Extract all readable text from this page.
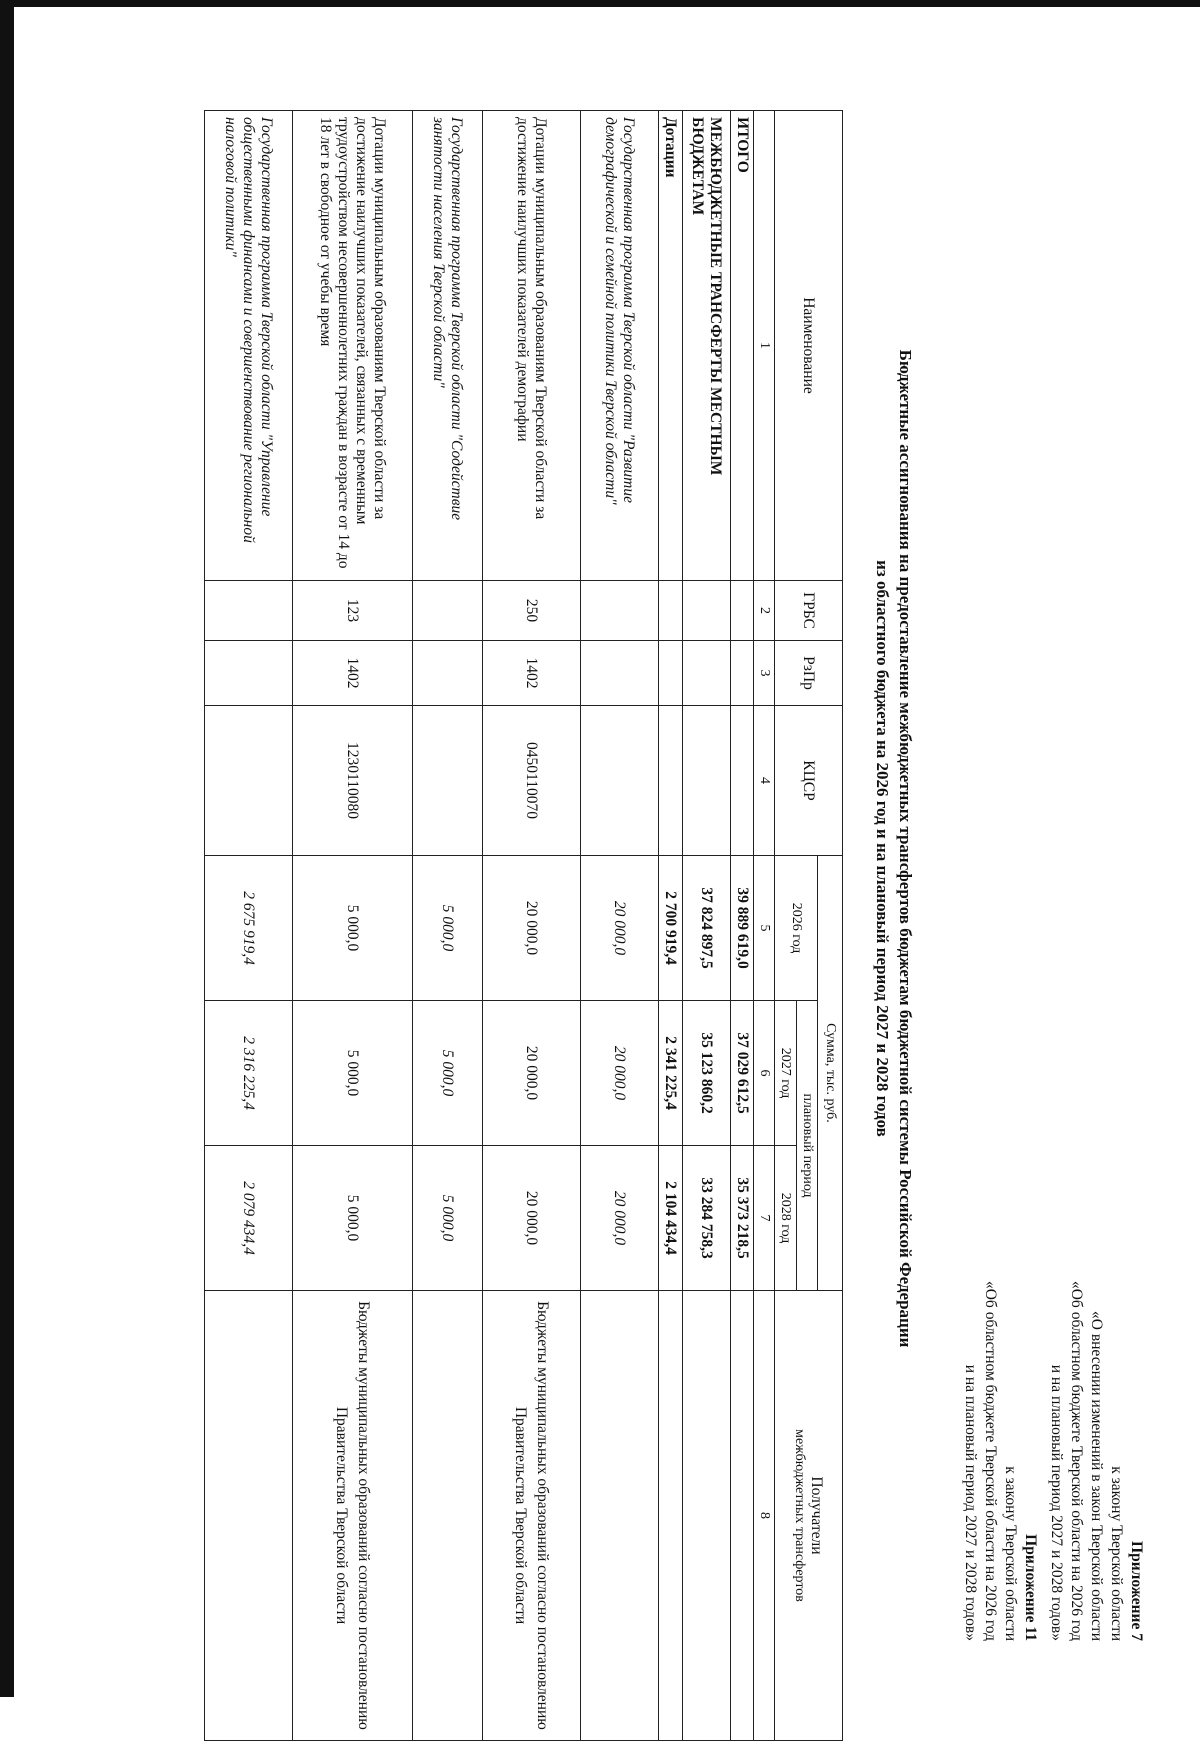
Приложение 7
к закону Тверской области
«О внесении изменений в закон Тверской области
«Об областном бюджете Тверской области на 2026 год
и на плановый период 2027 и 2028 годов»
Приложение 11
к закону Тверской области
«Об областном бюджете Тверской области на 2026 год
и на плановый период 2027 и 2028 годов»
Бюджетные ассигнования на предоставление межбюджетных трансфертов бюджетам бюджетной системы Российской Федерации
из областного бюджета на 2026 год и на плановый период 2027 и 2028 годов
Наименование	ГРБС	РзПр	КЦСР	Сумма, тыс. руб.			Получатели
межбюджетных трансфертов

				2026 год	плановый период		
					2027 год	2028 год	
1	2	3	4	5	6	7	8
ИТОГО				39 889 619,0	37 029 612,5	35 373 218,5	
МЕЖБЮДЖЕТНЫЕ ТРАНСФЕРТЫ МЕСТНЫМ БЮДЖЕТАМ				37 824 897,5	35 123 860,2	33 284 758,3	
Дотации				2 700 919,4	2 341 225,4	2 104 434,4	
Государственная программа Тверской области "Развитие демографической и семейной политики Тверской области"				20 000,0	20 000,0	20 000,0	
Дотации муниципальным образованиям Тверской области за достижение наилучших показателей демографии	250	1402	0450110070	20 000,0	20 000,0	20 000,0	Бюджеты муниципальных образований согласно постановлению Правительства Тверской области
Государственная программа Тверской области "Содействие занятости населения Тверской области"				5 000,0	5 000,0	5 000,0	
Дотации муниципальным образованиям Тверской области за достижение наилучших показателей, связанных с временным трудоустройством несовершеннолетних граждан в возрасте от 14 до 18 лет в свободное от учебы время	123	1402	1230110080	5 000,0	5 000,0	5 000,0	Бюджеты муниципальных образований согласно постановлению Правительства Тверской области
Государственная программа Тверской области "Управление общественными финансами и совершенствование региональной налоговой политики"				2 675 919,4	2 316 225,4	2 079 434,4	
